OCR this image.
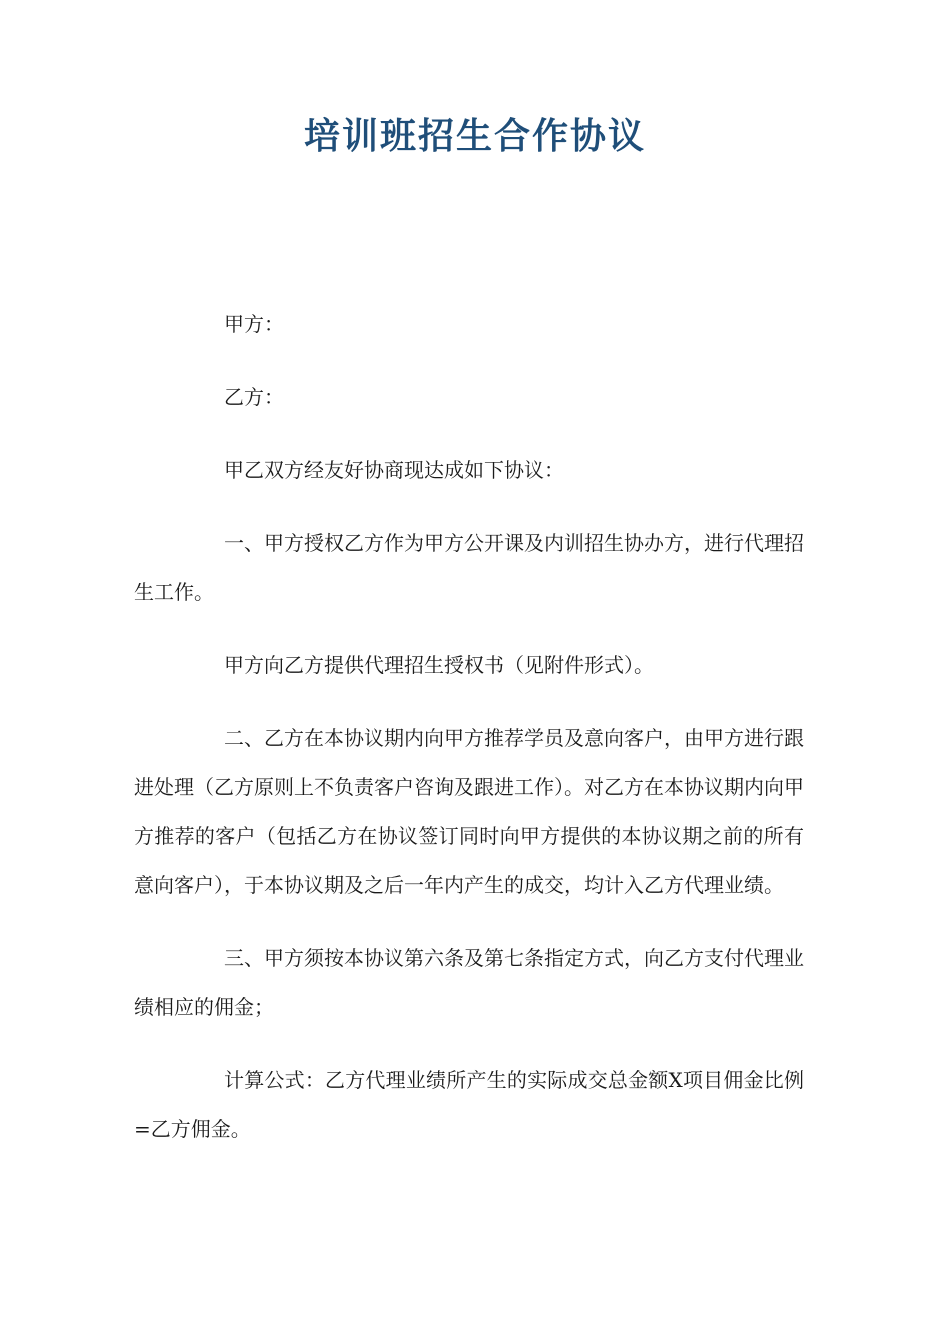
培训班招生合作协议

甲方：

乙方：

甲乙双方经友好协商现达成如下协议：

一、甲方授权乙方作为甲方公开课及内训招生协办方，进行代理招生工作。

甲方向乙方提供代理招生授权书（见附件形式）。

二、乙方在本协议期内向甲方推荐学员及意向客户，由甲方进行跟进处理（乙方原则上不负责客户咨询及跟进工作）。对乙方在本协议期内向甲方推荐的客户（包括乙方在协议签订同时向甲方提供的本协议期之前的所有意向客户），于本协议期及之后一年内产生的成交，均计入乙方代理业绩。

三、甲方须按本协议第六条及第七条指定方式，向乙方支付代理业绩相应的佣金；

计算公式：乙方代理业绩所产生的实际成交总金额X项目佣金比例=乙方佣金。
